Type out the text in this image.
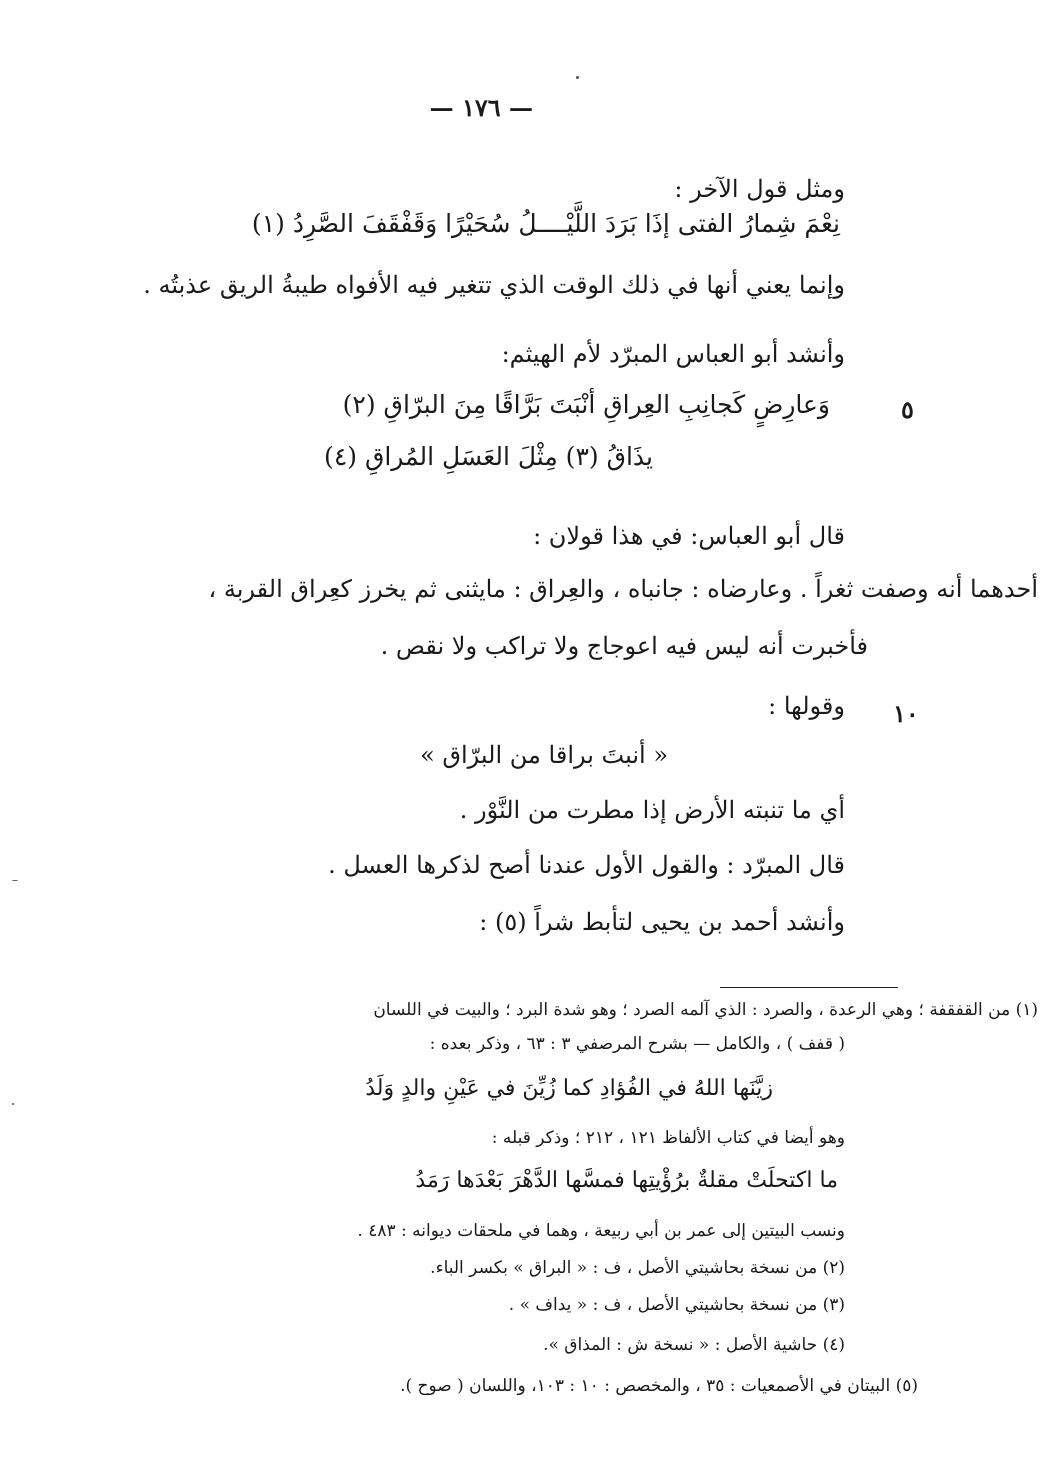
— ١٧٦ —
ومثل قول الآخر :
نِعْمَ شِمارُ الفتى إذَا بَرَدَ اللَّيْــــلُ سُحَيْرًا وَقَفْقَفَ الصَّرِدُ (١)
وإنما يعني أنها في ذلك الوقت الذي تتغير فيه الأفواه طيبةُ الريق عذبتُه .
وأنشد أبو العباس المبرّد لأم الهيثم:
٥
وَعارِضٍ كَجانِبِ العِراقِ أنْبَتَ بَرَّاقًا مِنَ البرّاقِ (٢)
يذَاقُ (٣) مِثْلَ العَسَلِ المُراقِ (٤)
قال أبو العباس: في هذا قولان :
أحدهما أنه وصفت ثغراً . وعارضاه : جانباه ، والعِراق : مايثنى ثم يخرز كعِراق القربة ،
فأخبرت أنه ليس فيه اعوجاج ولا تراكب ولا نقص .
١٠
وقولها :
« أنبتَ براقا من البرّاق »
أي ما تنبته الأرض إذا مطرت من النَّوْر .
قال المبرّد : والقول الأول عندنا أصح لذكرها العسل .
وأنشد أحمد بن يحيى لتأبط شراً (٥) :
(١) من القفقفة ؛ وهي الرعدة ، والصرد : الذي آلمه الصرد ؛ وهو شدة البرد ؛ والبيت في اللسان
( قفف ) ، والكامل — بشرح المرصفي ٣ : ٦٣ ، وذكر بعده :
زيَّنَها اللهُ في الفُؤادِ كما زُيِّنَ في عَيْنِ والدٍ وَلَدُ
وهو أيضا في كتاب الألفاظ ١٢١ ، ٢١٢ ؛ وذكر قبله :
ما اكتحلَتْ مقلةٌ برُؤْيتِها فمسَّها الدَّهْرَ بَعْدَها رَمَدُ
ونسب البيتين إلى عمر بن أبي ربيعة ، وهما في ملحقات ديوانه : ٤٨٣ .
(٢) من نسخة بحاشيتي الأصل ، ف : « البراق » بكسر الباء.
(٣) من نسخة بحاشيتي الأصل ، ف : « يداف » .
(٤) حاشية الأصل : « نسخة ش : المذاق ».
(٥) البيتان في الأصمعيات : ٣٥ ، والمخصص : ١٠ : ١٠٣، واللسان ( صوح ).
